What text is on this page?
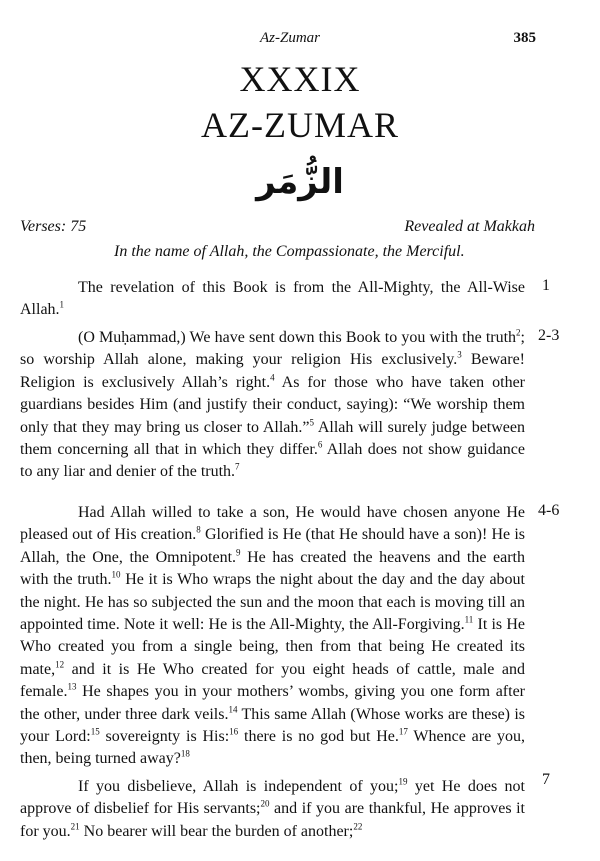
Az-Zumar	385
XXXIX
AZ-ZUMAR
الزُّمَر
Verses: 75	Revealed at Makkah
In the name of Allah, the Compassionate, the Merciful.

The revelation of this Book is from the All-Mighty, the All-Wise Allah.$^1$

1

(O Muḥammad,) We have sent down this Book to you with the truth$^2$; so worship Allah alone, making your religion His exclusively.$^3$ Beware! Religion is exclusively Allah’s right.$^4$ As for those who have taken other guardians besides Him (and justify their conduct, saying): “We worship them only that they may bring us closer to Allah.”$^5$ Allah will surely judge between them concerning all that in which they differ.$^6$ Allah does not show guidance to any liar and denier of the truth.$^7$

2-3

Had Allah willed to take a son, He would have chosen anyone He pleased out of His creation.$^8$ Glorified is He (that He should have a son)! He is Allah, the One, the Omnipotent.$^9$ He has created the heavens and the earth with the truth.$^{10}$ He it is Who wraps the night about the day and the day about the night. He has so subjected the sun and the moon that each is moving till an appointed time. Note it well: He is the All-Mighty, the All-Forgiving.$^{11}$ It is He Who created you from a single being, then from that being He created its mate,$^{12}$ and it is He Who created for you eight heads of cattle, male and female.$^{13}$ He shapes you in your mothers’ wombs, giving you one form after the other, under three dark veils.$^{14}$ This same Allah (Whose works are these) is your Lord:$^{15}$ sovereignty is His:$^{16}$ there is no god but He.$^{17}$ Whence are you, then, being turned away?$^{18}$

4-6

If you disbelieve, Allah is independent of you;$^{19}$ yet He does not approve of disbelief for His servants;$^{20}$ and if you are thankful, He approves it for you.$^{21}$ No bearer will bear the burden of another;$^{22}$

7
